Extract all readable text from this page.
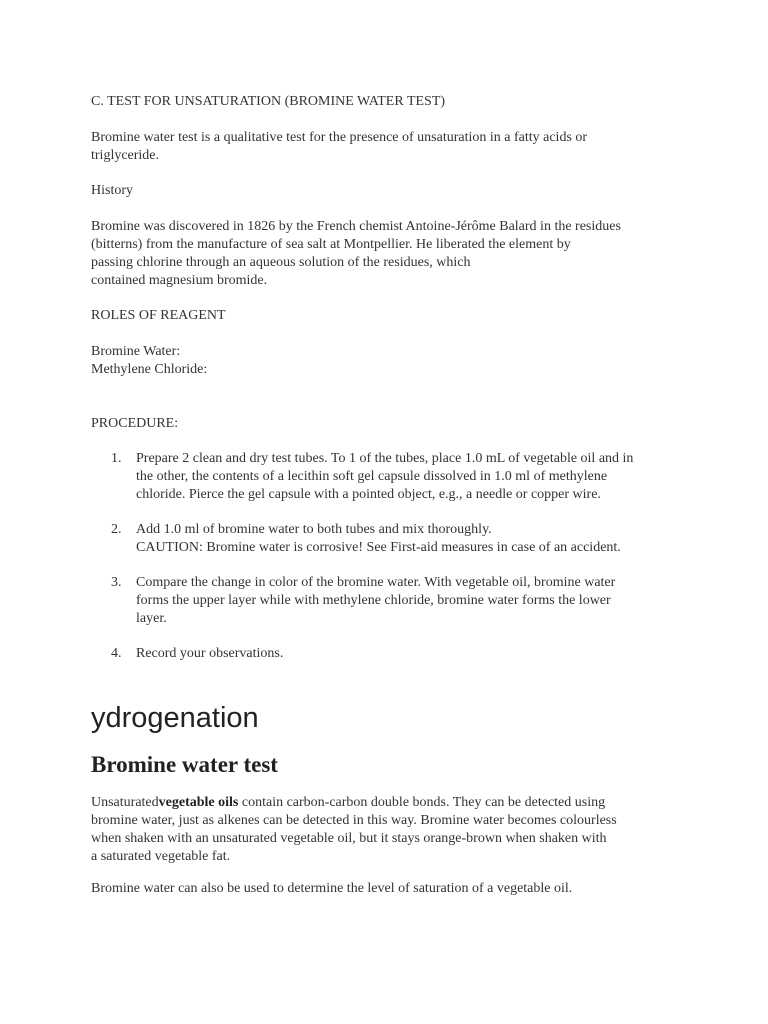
C. TEST FOR UNSATURATION (BROMINE WATER TEST)

Bromine water test is a qualitative test for the presence of unsaturation in a fatty acids or
triglyceride.

History

Bromine was discovered in 1826 by the French chemist Antoine-Jérôme Balard in the residues
(bitterns) from the manufacture of sea salt at Montpellier. He liberated the element by
passing chlorine through an aqueous solution of the residues, which
contained magnesium bromide.

ROLES OF REAGENT

Bromine Water:
Methylene Chloride:

PROCEDURE:

1. Prepare 2 clean and dry test tubes. To 1 of the tubes, place 1.0 mL of vegetable oil and in
the other, the contents of a lecithin soft gel capsule dissolved in 1.0 ml of methylene
chloride. Pierce the gel capsule with a pointed object, e.g., a needle or copper wire.
2. Add 1.0 ml of bromine water to both tubes and mix thoroughly.
CAUTION: Bromine water is corrosive! See First-aid measures in case of an accident.
3. Compare the change in color of the bromine water. With vegetable oil, bromine water
forms the upper layer while with methylene chloride, bromine water forms the lower
layer.
4. Record your observations.
ydrogenation
Bromine water test
Unsaturatedvegetable oils contain carbon-carbon double bonds. They can be detected using
bromine water, just as alkenes can be detected in this way. Bromine water becomes colourless
when shaken with an unsaturated vegetable oil, but it stays orange-brown when shaken with
a saturated vegetable fat.

Bromine water can also be used to determine the level of saturation of a vegetable oil.
